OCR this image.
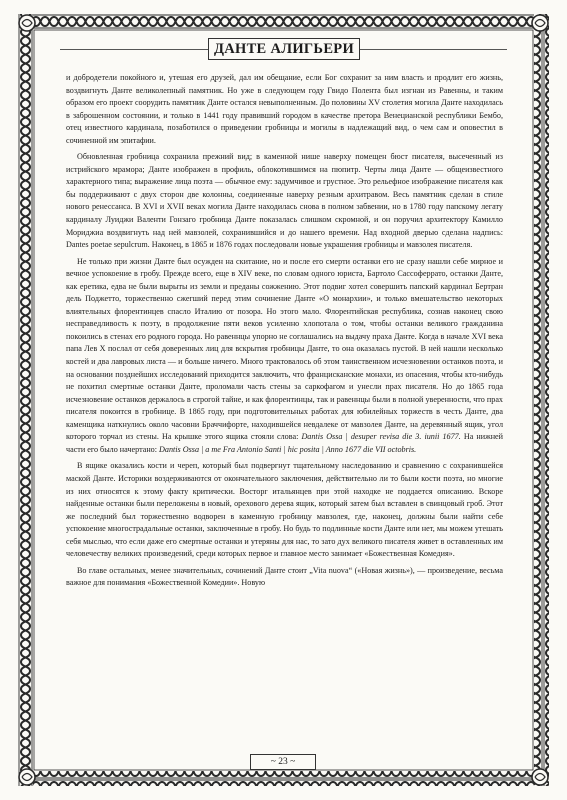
ДАНТЕ АЛИГЬЕРИ

и добродетели покойного и, утешая его друзей, дал им обещание, если Бог сохранит за ним власть и продлит его жизнь, воздвигнуть Данте великолепный памятник. Но уже в следующем году Гвидо Полента был изгнан из Равенны, и таким образом его проект соорудить памятник Данте остался невыполненным. До половины XV столетия могила Данте находилась в заброшенном состоянии, и только в 1441 году правивший городом в качестве претора Венецианской республики Бембо, отец известного кардинала, позаботился о приведении гробницы и могилы в надлежащий вид, о чем сам и оповестил в сочиненной им эпитафии.

Обновленная гробница сохранила прежний вид; в каменной нише наверху помещен бюст писателя, высеченный из истрийского мрамора; Данте изображен в профиль, облокотившимся на пюпитр. Черты лица Данте — общеизвестного характерного типа; выражение лица поэта — обычное ему: задумчивое и грустное. Это рельефное изображение писателя как бы поддерживают с двух сторон две колонны, соединенные наверху резным архитравом. Весь памятник сделан в стиле нового ренессанса. В XVI и XVII веках могила Данте находилась снова в полном забвении, но в 1780 году папскому легату кардиналу Луиджи Валенти Гонзаго гробница Данте показалась слишком скромной, и он поручил архитектору Камилло Мориджиа воздвигнуть над ней мавзолей, сохранившийся и до нашего времени. Над входной дверью сделана надпись: Dantes poetae sepulcrum. Наконец, в 1865 и 1876 годах последовали новые украшения гробницы и мавзолея писателя.

Не только при жизни Данте был осужден на скитание, но и после его смерти останки его не сразу нашли себе мирное и вечное успокоение в гробу. Прежде всего, еще в XIV веке, по словам одного юриста, Бартоло Сассоферрато, останки Данте, как еретика, едва не были вырыты из земли и преданы сожжению. Этот подвиг хотел совершить папский кардинал Бертран дель Поджетто, торжественно сжегший перед этим сочинение Данте «О монархии», и только вмешательство некоторых влиятельных флорентинцев спасло Италию от позора. Но этого мало. Флорентийская республика, сознав наконец свою несправедливость к поэту, в продолжение пяти веков усиленно хлопотала о том, чтобы останки великого гражданина покоились в стенах его родного города. Но равеннцы упорно не соглашались на выдачу праха Данте. Когда в начале XVI века папа Лев X послал от себя доверенных лиц для вскрытия гробницы Данте, то она оказалась пустой. В ней нашли несколько костей и два лавровых листа — и больше ничего. Много трактовалось об этом таинственном исчезновении останков поэта, и на основании позднейших исследований приходится заключить, что францисканские монахи, из опасения, чтобы кто-нибудь не похитил смертные останки Данте, проломали часть стены за саркофагом и унесли прах писателя. Но до 1865 года исчезновение останков держалось в строгой тайне, и как флорентинцы, так и равеннцы были в полной уверенности, что прах писателя покоится в гробнице. В 1865 году, при подготовительных работах для юбилейных торжеств в честь Данте, два каменщика наткнулись около часовни Браччифорте, находившейся невдалеке от мавзолея Данте, на деревянный ящик, угол которого торчал из стены. На крышке этого ящика стояли слова: Dantis Ossa | desuper revisa die 3. iunii 1677. На нижней части его было начертано: Dantis Ossa | a me Fra Antonio Santi | hic posita | Anno 1677 die VII octobris.

В ящике оказались кости и череп, который был подвергнут тщательному наследованию и сравнению с сохранившейся маской Данте. Историки воздерживаются от окончательного заключения, действительно ли то были кости поэта, но многие из них относятся к этому факту критически. Восторг итальянцев при этой находке не поддается описанию. Вскоре найденные останки были переложены в новый, орехового дерева ящик, который затем был вставлен в свинцовый гроб. Этот же последний был торжественно водворен в каменную гробницу мавзолея, где, наконец, должны были найти себе успокоение многострадальные останки, заключенные в гробу. Но будь то подлинные кости Данте или нет, мы можем утешать себя мыслью, что если даже его смертные останки и утеряны для нас, то зато дух великого писателя живет в оставленных им человечеству великих произведений, среди которых первое и главное место занимает «Божественная Комедия».

Во главе остальных, менее значительных, сочинений Данте стоит „Vita nuova“ («Новая жизнь»), — произведение, весьма важное для понимания «Божественной Комедии». Новую

~ 23 ~
